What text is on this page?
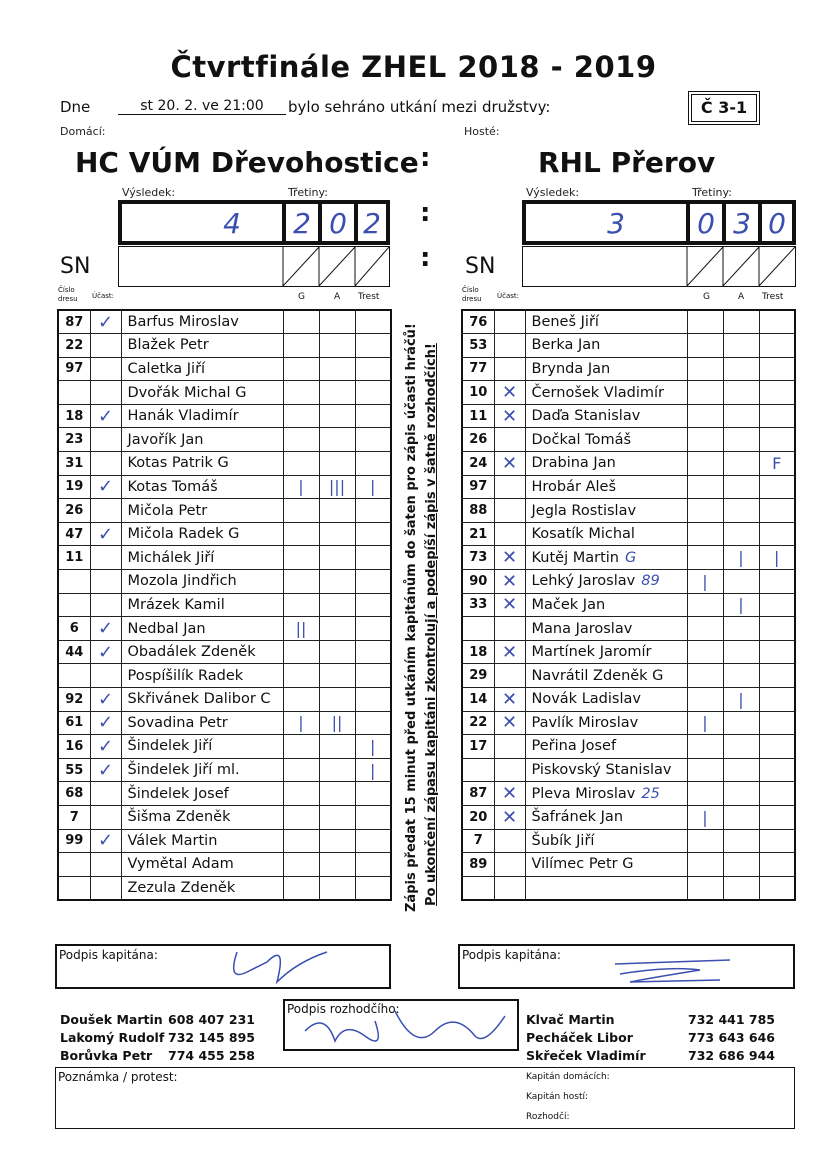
Čtvrtfinále ZHEL 2018 - 2019
Dne	st 20. 2. ve 21:00	bylo sehráno utkání mezi družstvy:	Č 3-1
Domácí:	Hosté:
HC VÚM Dřevohostice	RHL Přerov
:
Výsledek:	Třetiny:	Výsledek:	Třetiny:
4	2 0 2 :	3	0 3 0
SN	: SN
Číslo dresu	Účast:	G	A Trest
Číslo dresu	Účast:	G	A Trest
87	✓	Barfus Miroslav			
22		Blažek Petr			
97		Caletka Jiří			
		Dvořák Michal G			
18	✓	Hanák Vladimír			
23		Javořík Jan			
31		Kotas Patrik G			
19	✓	Kotas Tomáš	|	|||	|
26		Mičola Petr			
47	✓	Mičola Radek G			
11		Michálek Jiří			
		Mozola Jindřich			
		Mrázek Kamil			
6	✓	Nedbal Jan	||		
44	✓	Obadálek Zdeněk			
		Pospíšilík Radek			
92	✓	Skřivánek Dalibor C			
61	✓	Sovadina Petr	|	||	
16	✓	Šindelek Jiří			|
55	✓	Šindelek Jiří ml.			|
68		Šindelek Josef			
7		Šišma Zdeněk			
99	✓	Válek Martin			
		Vymětal Adam			
		Zezula Zdeněk			
76		Beneš Jiří			
53		Berka Jan			
77		Brynda Jan			
10	✕	Černošek Vladimír			
11	✕	Daďa Stanislav			
26		Dočkal Tomáš			
24	✕	Drabina Jan			F
97		Hrobár Aleš			
88		Jegla Rostislav			
21		Kosatík Michal			
73	✕	Kutěj Martin G		|	|
90	✕	Lehký Jaroslav 89	|		
33	✕	Maček Jan		|	
		Mana Jaroslav			
18	✕	Martínek Jaromír			
29		Navrátil Zdeněk G			
14	✕	Novák Ladislav		|	
22	✕	Pavlík Miroslav	|		
17		Peřina Josef			
		Piskovský Stanislav			
87	✕	Pleva Miroslav 25			
20	✕	Šafránek Jan	|		
7		Šubík Jiří			
89		Vilímec Petr G			

Zápis předat 15 minut před utkáním kapitánům do šaten pro zápis účasti hráčů! Po ukončení zápasu kapitáni zkontrolují a podepíší zápis v šatně rozhodčích!
Podpis kapitána:	Podpis kapitána:
Doušek Martin 608 407 231
Lakomý Rudolf 732 145 895
Borůvka Petr 774 455 258
Klvač Martin	732 441 785
Pecháček Libor	773 643 646
Skřeček Vladimír	732 686 944
Podpis rozhodčího:
Poznámka / protest:	Kapitán domácích:
Kapitán hostí:
Rozhodčí:
